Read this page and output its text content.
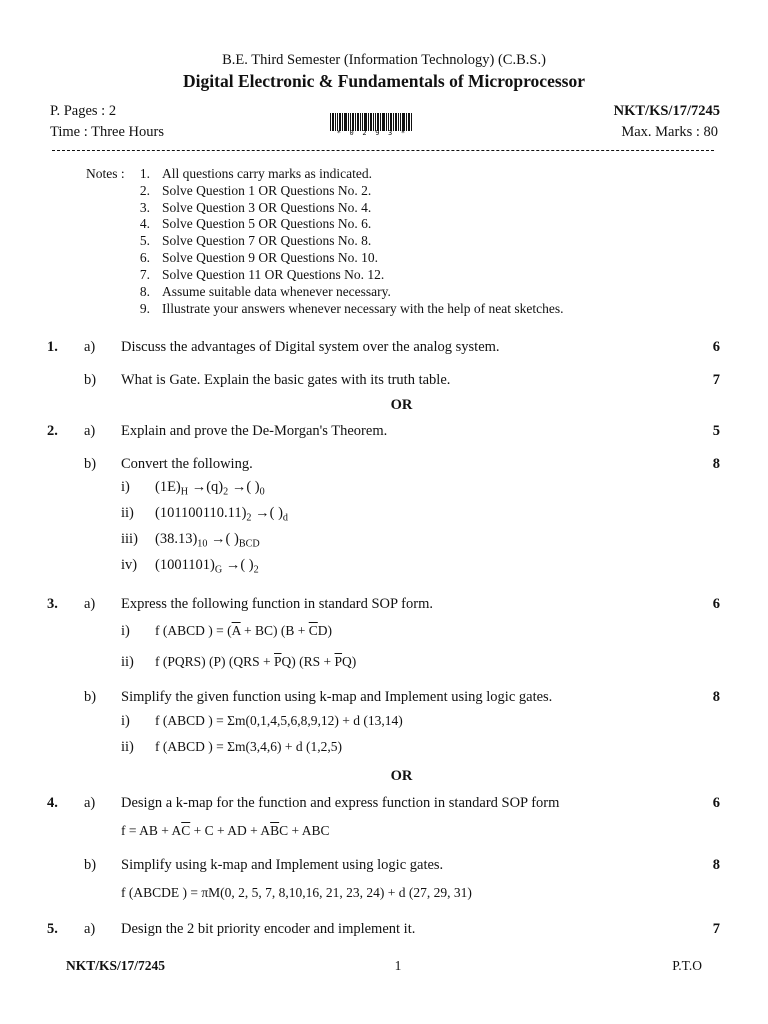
B.E. Third Semester (Information Technology) (C.B.S.)
Digital Electronic & Fundamentals of Microprocessor
P. Pages : 2	NKT/KS/17/7245
Time : Three Hours	Max. Marks : 80
* 0 2 9 3 *
Notes :	1. All questions carry marks as indicated.
2. Solve Question 1 OR Questions No. 2.
3. Solve Question 3 OR Questions No. 4.
4. Solve Question 5 OR Questions No. 6.
5. Solve Question 7 OR Questions No. 8.
6. Solve Question 9 OR Questions No. 10.
7. Solve Question 11 OR Questions No. 12.
8. Assume suitable data whenever necessary.
9. Illustrate your answers whenever necessary with the help of neat sketches.
1.	a) Discuss the advantages of Digital system over the analog system.	6
b) What is Gate. Explain the basic gates with its truth table.	7
OR
2.	a) Explain and prove the De-Morgan's Theorem.	5
b) Convert the following.	8
i) $(1E)_H \to(q)_2$ →( )$_0$
ii) $(101100110.11)_2$ →( )$_d$
iii) $(38.13)_{10}$ →( )$_{BCD}$
iv) $(1001101)_G$ →( )$_2$
3.	a) Express the following function in standard SOP form.	6
i) f (ABCD ) = $(\overline{A} + BC) (B + \overline{C}D)$
ii) f (PQRS) (P) $(QRS + \overline{P}Q)$ $(RS + \overline{P}Q)$
b) Simplify the given function using k-map and Implement using logic gates.	8
i) f (ABCD ) = Σm(0,1,4,5,6,8,9,12) + d (13,14)
ii) f (ABCD ) = Σm(3,4,6) + d (1,2,5)
OR
4.	a) Design a k-map for the function and express function in standard SOP form	6
f = AB + $A\overline{C} + C$ + AD + $A\overline{B}C$ + ABC
b) Simplify using k-map and Implement using logic gates.	8
f (ABCDE ) = πM(0, 2, 5, 7, 8,10,16, 21, 23, 24) + d (27, 29, 31)
5.	a) Design the 2 bit priority encoder and implement it.	7
NKT/KS/17/7245	1	P.T.O
